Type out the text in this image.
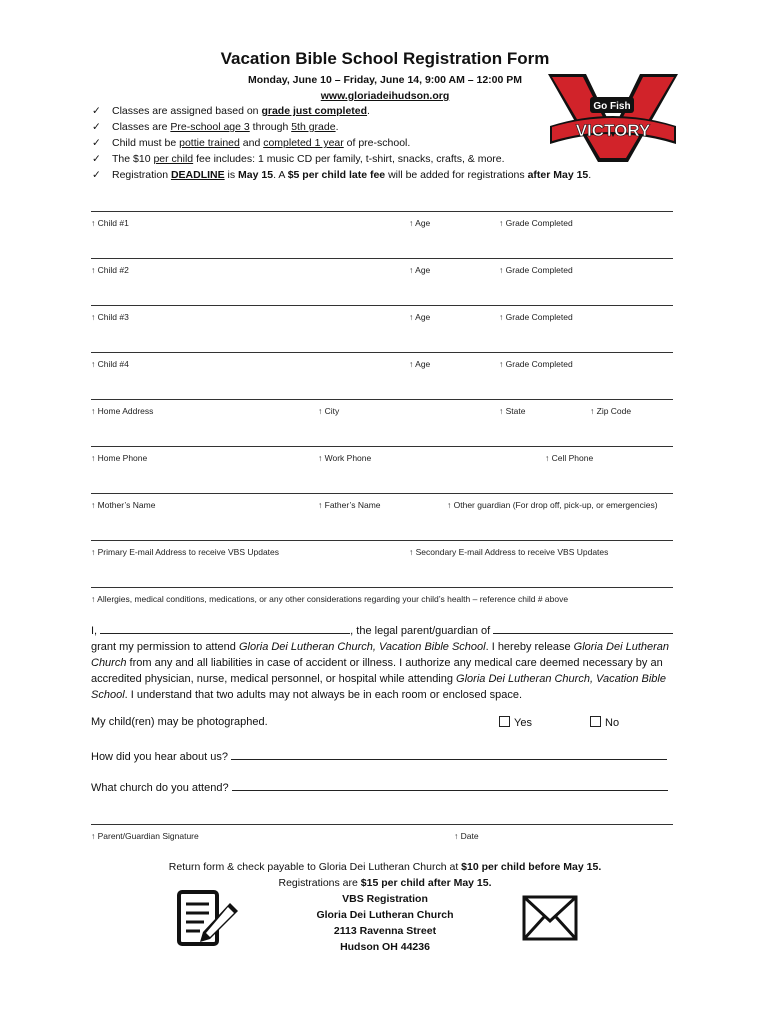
Vacation Bible School Registration Form
Monday, June 10 – Friday, June 14, 9:00 AM – 12:00 PM
www.gloriadeihudson.org
Go Fish
VICTORY
✓ Classes are assigned based on grade just completed.
✓ Classes are Pre-school age 3 through 5th grade.
✓ Child must be pottie trained and completed 1 year of pre-school.
✓ The $10 per child fee includes: 1 music CD per family, t-shirt, snacks, crafts, & more.
✓ Registration DEADLINE is May 15. A $5 per child late fee will be added for registrations after May 15.
↑ Child #1	↑ Age	↑ Grade Completed
↑ Child #2	↑ Age	↑ Grade Completed
↑ Child #3	↑ Age	↑ Grade Completed
↑ Child #4	↑ Age	↑ Grade Completed
↑ Home Address	↑ City	↑ State	↑ Zip Code
↑ Home Phone	↑ Work Phone	↑ Cell Phone
↑ Mother’s Name	↑ Father’s Name	↑ Other guardian (For drop off, pick-up, or emergencies)
↑ Primary E-mail Address to receive VBS Updates	↑ Secondary E-mail Address to receive VBS Updates
↑ Allergies, medical conditions, medications, or any other considerations regarding your child’s health – reference child # above
I,	, the legal parent/guardian of
grant my permission to attend Gloria Dei Lutheran Church, Vacation Bible School. I hereby release Gloria Dei Lutheran Church from any and all liabilities in case of accident or illness. I authorize any medical care deemed necessary by an accredited physician, nurse, medical personnel, or hospital while attending Gloria Dei Lutheran Church, Vacation Bible School. I understand that two adults may not always be in each room or enclosed space.
My child(ren) may be photographed.	Yes	No
How did you hear about us?
What church do you attend?
↑ Parent/Guardian Signature	↑ Date
Return form & check payable to Gloria Dei Lutheran Church at $10 per child before May 15.
Registrations are $15 per child after May 15.
VBS Registration
Gloria Dei Lutheran Church
2113 Ravenna Street
Hudson OH 44236
